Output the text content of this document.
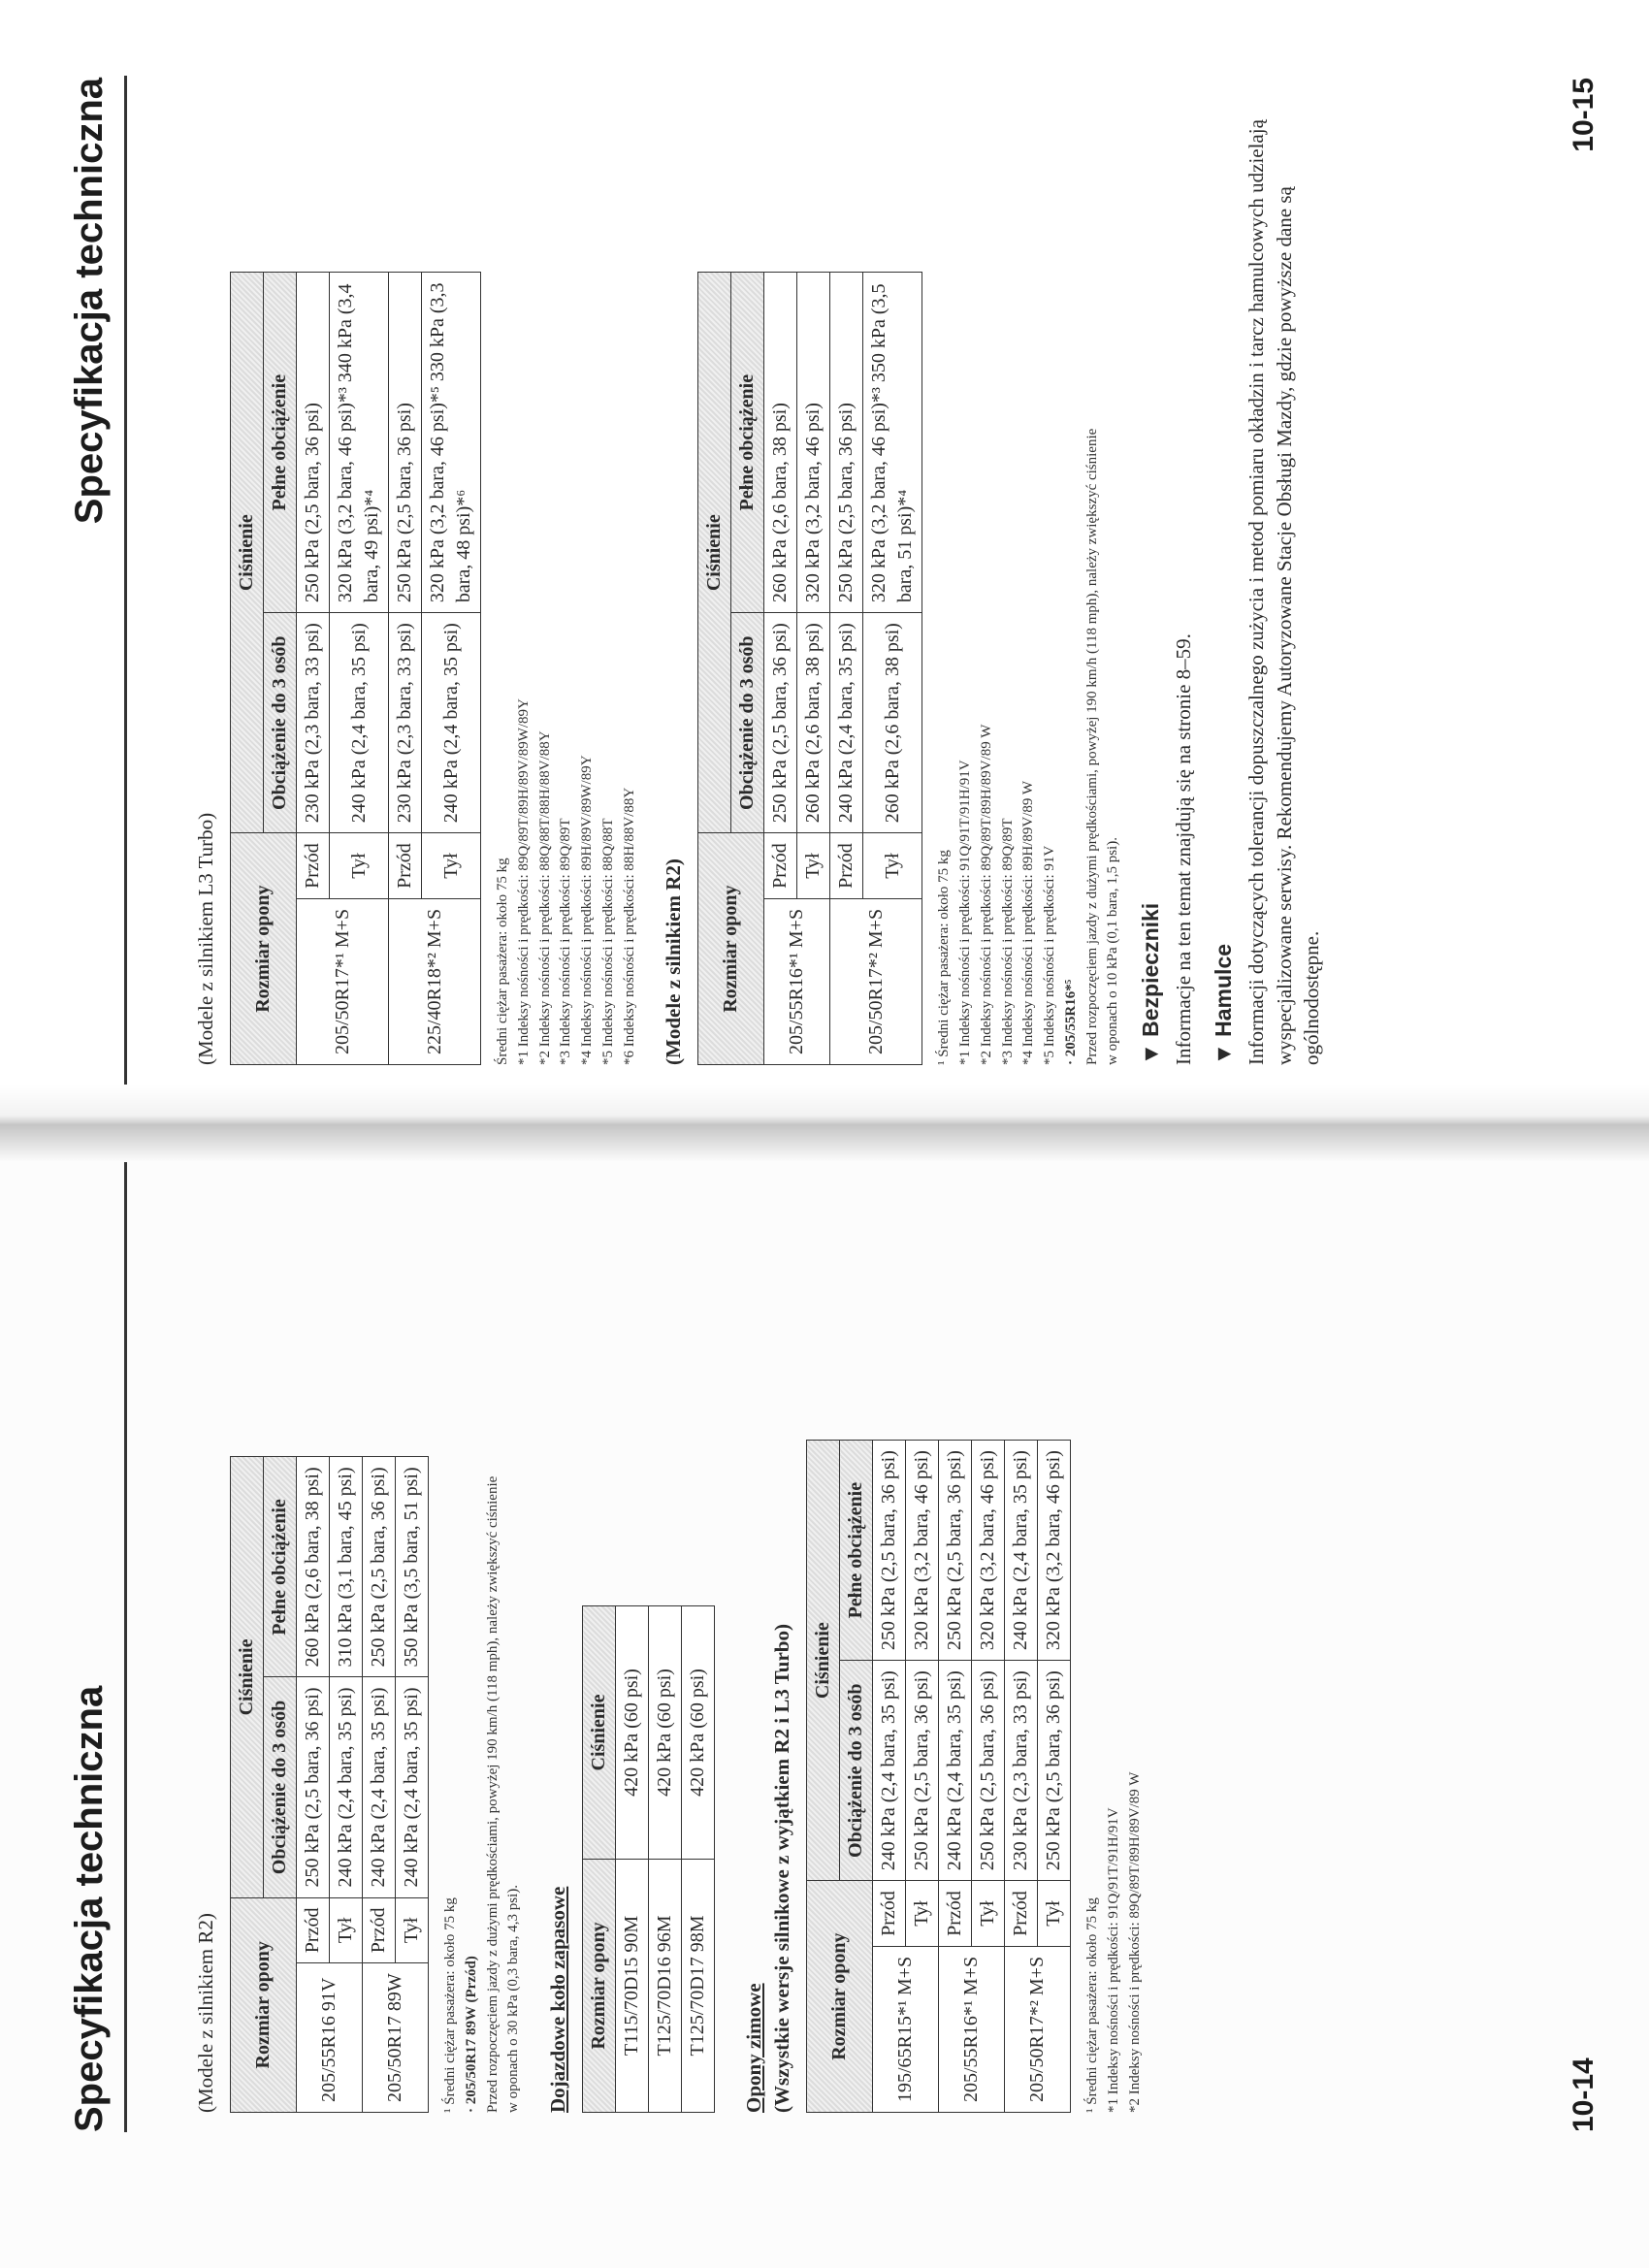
Specyfikacja techniczna	(Modele z silnikiem R2) Rozmiar opony		Ciśnienie	
		Obciążenie do 3 osób	Pełne obciążenie
205/55R16 91V	Przód	250 kPa (2,5 bara, 36 psi)	260 kPa (2,6 bara, 38 psi)
	Tył	240 kPa (2,4 bara, 35 psi)	310 kPa (3,1 bara, 45 psi)
205/50R17 89W	Przód	240 kPa (2,4 bara, 35 psi)	250 kPa (2,5 bara, 36 psi)
	Tył	240 kPa (2,4 bara, 35 psi)	350 kPa (3,5 bara, 51 psi)
¹ Średni ciężar pasażera: około 75 kg · 205/50R17 89W (Przód) Przed rozpoczęciem jazdy z dużymi prędkościami, powyżej 190 km/h (118 mph), należy zwiększyć ciśnienie w oponach o 30 kPa (0,3 bara, 4,3 psi). Dojazdowe koło zapasowe Rozmiar opony	Ciśnienie
T115/70D15 90M	420 kPa (60 psi)
T125/70D16 96M	420 kPa (60 psi)
T125/70D17 98M	420 kPa (60 psi)
Opony zimowe (Wszystkie wersje silnikowe z wyjątkiem R2 i L3 Turbo) Rozmiar opony		Ciśnienie	
		Obciążenie do 3 osób	Pełne obciążenie
195/65R15*¹ M+S	Przód	240 kPa (2,4 bara, 35 psi)	250 kPa (2,5 bara, 36 psi)
	Tył	250 kPa (2,5 bara, 36 psi)	320 kPa (3,2 bara, 46 psi)
205/55R16*¹ M+S	Przód	240 kPa (2,4 bara, 35 psi)	250 kPa (2,5 bara, 36 psi)
	Tył	250 kPa (2,5 bara, 36 psi)	320 kPa (3,2 bara, 46 psi)
205/50R17*² M+S	Przód	230 kPa (2,3 bara, 33 psi)	240 kPa (2,4 bara, 35 psi)
	Tył	250 kPa (2,5 bara, 36 psi)	320 kPa (3,2 bara, 46 psi)
¹ Średni ciężar pasażera: około 75 kg *1 Indeksy nośności i prędkości: 91Q/91T/91H/91V *2 Indeksy nośności i prędkości: 89Q/89T/89H/89V/89 W	10-14
Specyfikacja techniczna
(Modele z silnikiem L3 Turbo) Rozmiar opony		Ciśnienie	
		Obciążenie do 3 osób	Pełne obciążenie
205/50R17*¹ M+S	Przód	230 kPa (2,3 bara, 33 psi)	250 kPa (2,5 bara, 36 psi)
	Tył	240 kPa (2,4 bara, 35 psi)	320 kPa (3,2 bara, 46 psi)*³ 340 kPa (3,4 bara, 49 psi)*⁴
225/40R18*² M+S	Przód	230 kPa (2,3 bara, 33 psi)	250 kPa (2,5 bara, 36 psi)
	Tył	240 kPa (2,4 bara, 35 psi)	320 kPa (3,2 bara, 46 psi)*⁵ 330 kPa (3,3 bara, 48 psi)*⁶
Średni ciężar pasażera: około 75 kg *1 Indeksy nośności i prędkości: 89Q/89T/89H/89V/89W/89Y *2 Indeksy nośności i prędkości: 88Q/88T/88H/88V/88Y *3 Indeksy nośności i prędkości: 89Q/89T *4 Indeksy nośności i prędkości: 89H/89V/89W/89Y *5 Indeksy nośności i prędkości: 88Q/88T *6 Indeksy nośności i prędkości: 88H/88V/88Y (Modele z silnikiem R2) Rozmiar opony		Ciśnienie	
		Obciążenie do 3 osób	Pełne obciążenie
205/55R16*¹ M+S	Przód	250 kPa (2,5 bara, 36 psi)	260 kPa (2,6 bara, 38 psi)
	Tył	260 kPa (2,6 bara, 38 psi)	320 kPa (3,2 bara, 46 psi)
205/50R17*² M+S	Przód	240 kPa (2,4 bara, 35 psi)	250 kPa (2,5 bara, 36 psi)
	Tył	260 kPa (2,6 bara, 38 psi)	320 kPa (3,2 bara, 46 psi)*³ 350 kPa (3,5 bara, 51 psi)*⁴
¹ Średni ciężar pasażera: około 75 kg *1 Indeksy nośności i prędkości: 91Q/91T/91H/91V *2 Indeksy nośności i prędkości: 89Q/89T/89H/89V/89 W *3 Indeksy nośności i prędkości: 89Q/89T *4 Indeksy nośności i prędkości: 89H/89V/89 W *5 Indeksy nośności i prędkości: 91V · 205/55R16*⁵ Przed rozpoczęciem jazdy z dużymi prędkościami, powyżej 190 km/h (118 mph), należy zwiększyć ciśnienie w oponach o 10 kPa (0,1 bara, 1,5 psi). ▼ Bezpieczniki Informacje na ten temat znajdują się na stronie 8–59. ▼ Hamulce Informacji dotyczących tolerancji dopuszczalnego zużycia i metod pomiaru okładzin i tarcz hamulcowych udzielają wyspecjalizowane serwisy. Rekomendujemy Autoryzowane Stacje Obsługi Mazdy, gdzie powyższe dane są ogólnodostępne.
10-15
